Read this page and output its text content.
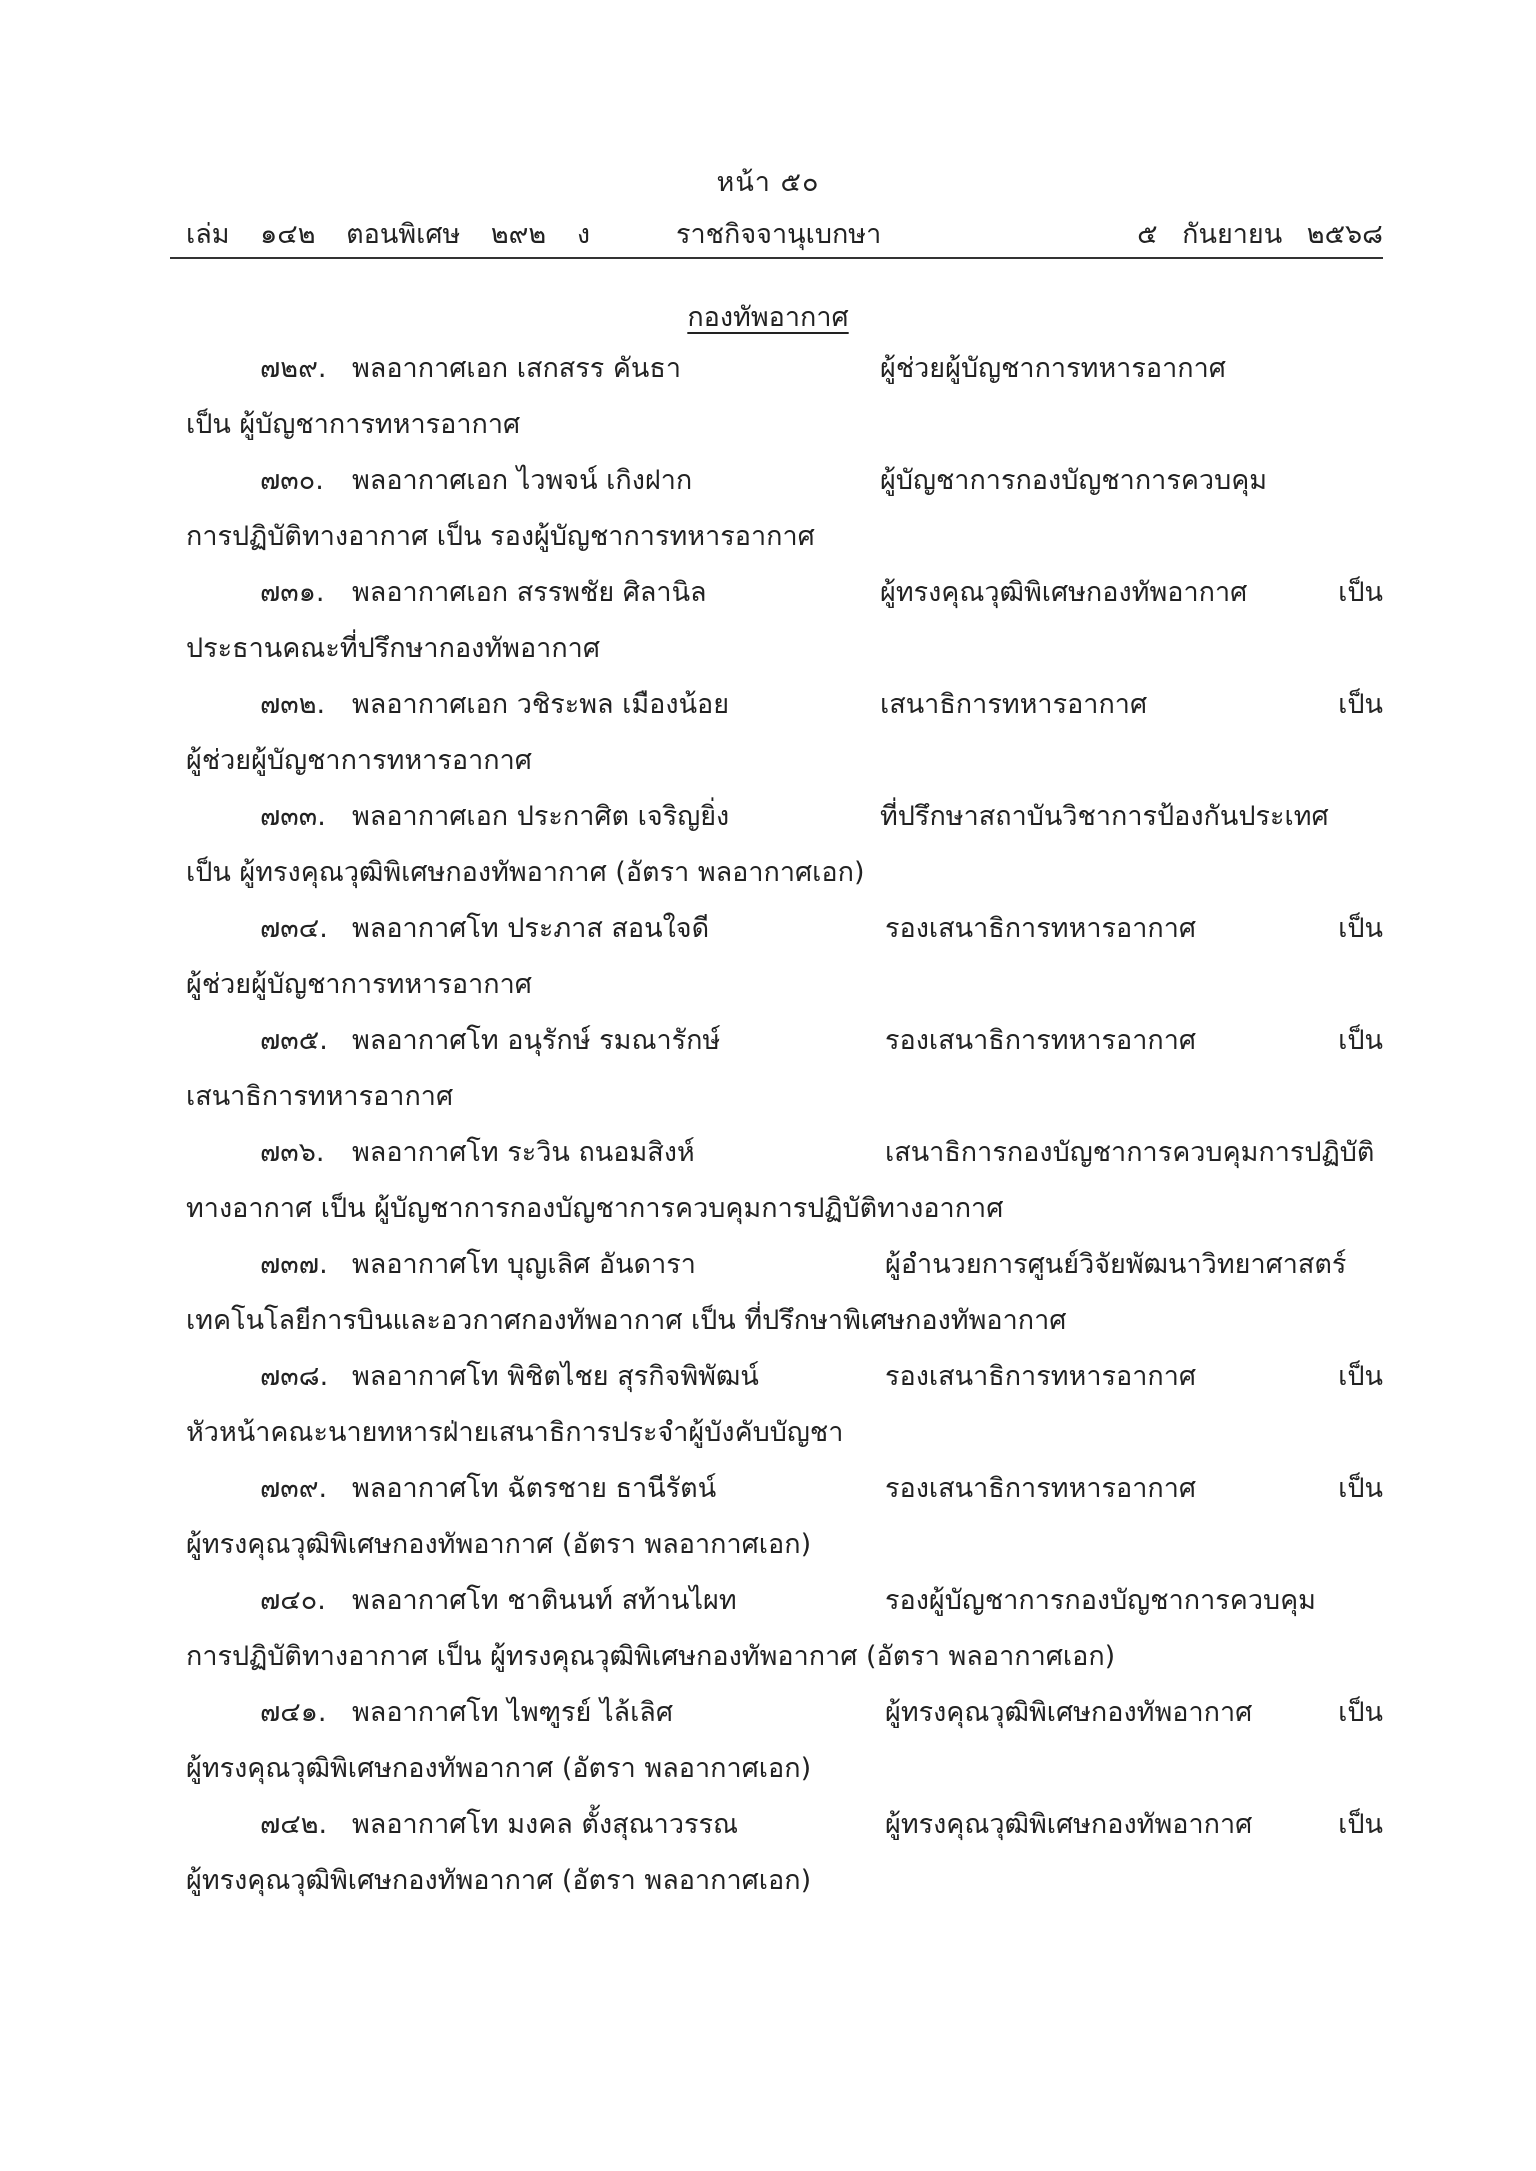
หน้า ๕๐
เล่ม ๑๔๒ ตอนพิเศษ ๒๙๒ ง	ราชกิจจานุเบกษา	๕ กันยายน ๒๕๖๘
กองทัพอากาศ
๗๒๙. พลอากาศเอก เสกสรร คันธา	ผู้ช่วยผู้บัญชาการทหารอากาศ
เป็น ผู้บัญชาการทหารอากาศ
๗๓๐. พลอากาศเอก ไวพจน์ เกิงฝาก	ผู้บัญชาการกองบัญชาการควบคุม
การปฏิบัติทางอากาศ เป็น รองผู้บัญชาการทหารอากาศ
๗๓๑. พลอากาศเอก สรรพชัย ศิลานิล	ผู้ทรงคุณวุฒิพิเศษกองทัพอากาศ เป็น
ประธานคณะที่ปรึกษากองทัพอากาศ
๗๓๒. พลอากาศเอก วชิระพล เมืองน้อย	เสนาธิการทหารอากาศ เป็น
ผู้ช่วยผู้บัญชาการทหารอากาศ
๗๓๓. พลอากาศเอก ประกาศิต เจริญยิ่ง	ที่ปรึกษาสถาบันวิชาการป้องกันประเทศ
เป็น ผู้ทรงคุณวุฒิพิเศษกองทัพอากาศ (อัตรา พลอากาศเอก)
๗๓๔. พลอากาศโท ประภาส สอนใจดี	รองเสนาธิการทหารอากาศ เป็น
ผู้ช่วยผู้บัญชาการทหารอากาศ
๗๓๕. พลอากาศโท อนุรักษ์ รมณารักษ์	รองเสนาธิการทหารอากาศ เป็น
เสนาธิการทหารอากาศ
๗๓๖. พลอากาศโท ระวิน ถนอมสิงห์	เสนาธิการกองบัญชาการควบคุมการปฏิบัติ
ทางอากาศ เป็น ผู้บัญชาการกองบัญชาการควบคุมการปฏิบัติทางอากาศ
๗๓๗. พลอากาศโท บุญเลิศ อันดารา	ผู้อำนวยการศูนย์วิจัยพัฒนาวิทยาศาสตร์
เทคโนโลยีการบินและอวกาศกองทัพอากาศ เป็น ที่ปรึกษาพิเศษกองทัพอากาศ
๗๓๘. พลอากาศโท พิชิตไชย สุรกิจพิพัฒน์	รองเสนาธิการทหารอากาศ เป็น
หัวหน้าคณะนายทหารฝ่ายเสนาธิการประจำผู้บังคับบัญชา
๗๓๙. พลอากาศโท ฉัตรชาย ธานีรัตน์	รองเสนาธิการทหารอากาศ เป็น
ผู้ทรงคุณวุฒิพิเศษกองทัพอากาศ (อัตรา พลอากาศเอก)
๗๔๐. พลอากาศโท ชาตินนท์ สท้านไผท	รองผู้บัญชาการกองบัญชาการควบคุม
การปฏิบัติทางอากาศ เป็น ผู้ทรงคุณวุฒิพิเศษกองทัพอากาศ (อัตรา พลอากาศเอก)
๗๔๑. พลอากาศโท ไพฑูรย์ ไล้เลิศ	ผู้ทรงคุณวุฒิพิเศษกองทัพอากาศ เป็น
ผู้ทรงคุณวุฒิพิเศษกองทัพอากาศ (อัตรา พลอากาศเอก)
๗๔๒. พลอากาศโท มงคล ตั้งสุณาวรรณ	ผู้ทรงคุณวุฒิพิเศษกองทัพอากาศ เป็น
ผู้ทรงคุณวุฒิพิเศษกองทัพอากาศ (อัตรา พลอากาศเอก)
